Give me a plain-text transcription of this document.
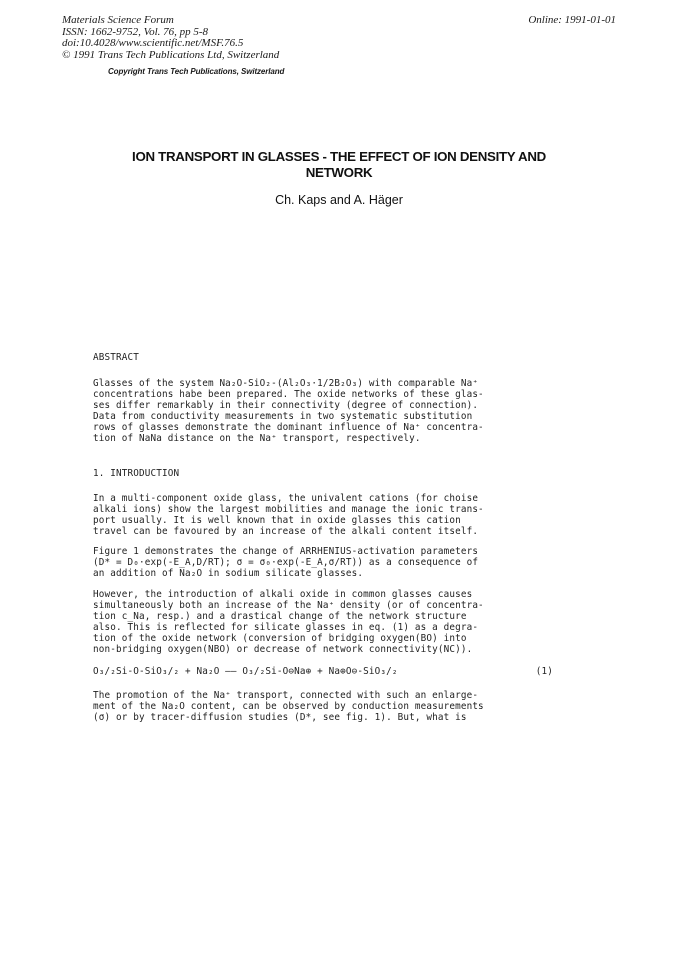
Materials Science Forum
ISSN: 1662-9752, Vol. 76, pp 5-8
doi:10.4028/www.scientific.net/MSF.76.5
© 1991 Trans Tech Publications Ltd, Switzerland
Online: 1991-01-01
Copyright Trans Tech Publications, Switzerland
ION TRANSPORT IN GLASSES - THE EFFECT OF ION DENSITY AND
NETWORK
Ch. Kaps and A. Häger
ABSTRACT
Glasses of the system Na₂O-SiO₂-(Al₂O₃·1/2B₂O₃) with comparable Na⁺
concentrations habe been prepared. The oxide networks of these glas-
ses differ remarkably in their connectivity (degree of connection).
Data from conductivity measurements in two systematic substitution
rows of glasses demonstrate the dominant influence of Na⁺ concentra-
tion of NaNa distance on the Na⁺ transport, respectively.
1. INTRODUCTION
In a multi-component oxide glass, the univalent cations (for choise
alkali ions) show the largest mobilities and manage the ionic trans-
port usually. It is well known that in oxide glasses this cation
travel can be favoured by an increase of the alkali content itself.
Figure 1 demonstrates the change of ARRHENIUS-activation parameters
(D* = D₀·exp(-E_A,D/RT); σ = σ₀·exp(-E_A,σ/RT)) as a consequence of
an addition of Na₂O in sodium silicate glasses.
However, the introduction of alkali oxide in common glasses causes
simultaneously both an increase of the Na⁺ density (or of concentra-
tion c_Na, resp.) and a drastical change of the network structure
also. This is reflected for silicate glasses in eq. (1) as a degra-
tion of the oxide network (conversion of bridging oxygen(BO) into
non-bridging oxygen(NBO) or decrease of network connectivity(NC)).
O₃/₂Si-O-SiO₃/₂ + Na₂O —— O₃/₂Si-O⊖Na⊕ + Na⊕O⊖-SiO₃/₂	(1)
The promotion of the Na⁺ transport, connected with such an enlarge-
ment of the Na₂O content, can be observed by conduction measurements
(σ) or by tracer-diffusion studies (D*, see fig. 1). But, what is
